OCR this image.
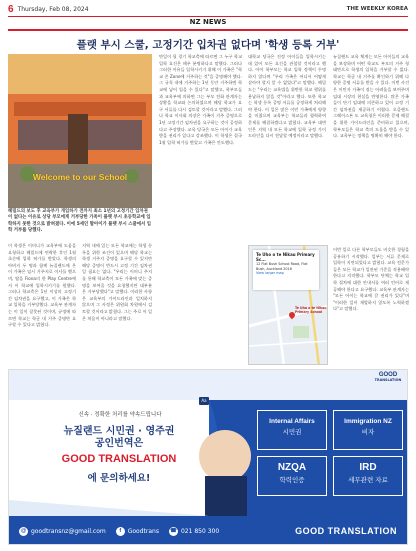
6 Thursday, Feb 08, 2024	THE WEEKLY KOREA
NZ NEWS
플랫 부시 스쿨, 고정기간 입차권 없다며 '학생 등록 거부'
Welcome to our School
헤밀드의 보도 후 교육부가 개입하기 전까지 최소 1년의 고정기간 입차권이 없다는 이유로 상당 부모에게 거부당한 가족이 플랫 부시 초등학교에 입학하지 못한 것으로 밝혀졌다. 이에 5세인 딸아이가 플랫 부시 스쿨에서 입학 거부를 당했다.

이 학생은 이머니가 교육부에 도움을 요청하고 헤밀드에 연락한 후인 1월 초순에 입학 허가를 받았다. 학생의 아버지 두 명과 함께 뉴질랜드에 온 이 가족은 임시 거주지로 이사를 했으며, 딸을 Fiona의 한 Play Centre에서 이 학교에 입학시키기를 원했다. 그러나 학교측은 1년 이상의 고정기간 임차권을 요구했고, 이 가족은 학교 입학을 거부당했다. 교육부 관계자는 이 일이 잘못된 것이며, 규정에 따르면 학교는 학군 내 거주 증명만 요구할 수 있다고 밝혔다.

지역 내에 있는 모든 학교에는 학생 등록을 위한 조건이 있으며 해당 학교는 학생 거주지 증명을 요구할 수 있지만 해당 증명이 반드시 고정 기간 임차권일 필요는 없다. "우리는 이머니 주지를 통해 학교측이 모든 가족에 맞는 증명을 보여줄 것을 요청했지만 대부분은 거부당했다"고 말했다. 이러한 사항은 교육부의 가이드라인과 일치하지 않으며 그 사정은 위원회 차원에서 검토할 것이라고 밝혔다. 그는 주로 이 일은 처음이 아니라고 말했다.

만일이 될 경기 학교측에 따르면 그 누구 학교 입학 요건은 매우 분명하다고 말했다. 그러나 그러한 이유들 입학시키기 위해 이 가족은 "학교 존 Zone에 거주하는 것"을 증명해야 했다. 그 규칙 내에 거주하는 1년 동안 거주하면 학교에 넣어 입을 수 있다"고 말했고, 학부모들과 교육부에 의하면 그는 부모 전화 관계자는 상황을 학교와 논의하였으며 해당 학교가 요구 서류를 다시 검토할 것이라고 말했다. 그러나 학교 이사회 의장은 가족이 거주 증명으로 1년 고정기간 임차권을 요구하는 것이 공정하다고 주장했다. 교육 당국은 모든 아이가 교육 받을 권리가 있다고 강조했다. 이 학생은 결국 1월 입학 허가를 받았고 가족은 안도했다.

대학교 당국은 진정 아이들을 입학시키는 데 있어 모든 요건을 관철할 것이라고 했다. 아이 학부모는 학교 입학 정책이 투명하지 않다며 "우리 가족은 어디서 어떻게 살아야 할지 알 수 없었다"고 말했다. 헤밀드는 "우리는 교육법을 위반한 학교 행위를 용납하지 않을 것"이라고 했다. 또한 학교는 학생 등록 증명 서류를 공정하게 처리해야 한다. 이 일은 많은 이민 가족에게 영향을 미쳤으며 교육부는 학교들과 협력하여 문제를 해결하겠다고 밝혔다. 교육부 대변인은 지역 내 모든 학교에 입학 규정 가이드라인을 다시 전달할 예정이라고 말했다.

뉴질랜드 교육 체계는 모든 아이들의 교육을 보장하며 어떤 학교도 부모의 거주 형태만으로 학생의 입학을 거부할 수 없다. 학교는 학군 내 거주를 확인하기 위해 다양한 증명 서류를 받을 수 있다. 이번 사건은 이민자 가족이 겪는 어려움을 보여주며 임대 시장의 현실을 반영한다. 많은 가족들이 단기 임대에 의존하고 있어 고정 기간 임차권을 제공하기 어렵다. 오클랜드 그레이스톤 도 교육청은 이러한 문제 해결을 위한 가이드라인을 준비하고 있으며, 학부모들은 학교 측의 도움을 받을 수 있다. 교육부는 정책을 명확히 해야 한다.

이번 일로 다른 학부모들도 비슷한 경험을 공유하기 시작했다. 일부는 서류 문제로 입학이 지연되었다고 밝혔다. 교육 전문가들은 모든 학교가 일관된 기준을 적용해야 한다고 지적했다. 학부모 단체는 학교 입학 절차에 대한 안내서를 여러 언어로 제공해야 한다고 요구했다. 교육부 관계자는 "모든 아이는 학교에 갈 권리가 있다"며 "이러한 일이 재발하지 않도록 노력하겠다"고 말했다.

Te Uho o te Nikau Primary Sc...
12 Flat Bush School Road, Flat
Bush, Auckland 2016
View larger map
Te Uho o te Nikau Primary School
Aa
신속 · 정확한 처리를 약속드립니다
뉴질랜드 시민권 · 영주권
공인번역은
GOOD TRANSLATION
에 문의하세요!
GOOD
TRANSLATION
Internal Affairs
시민권
Immigration NZ
비자
NZQA
학력인증
IRD
세무관련 자료
@ goodtransnz@gmail.com	f	Goodtrans ☎ 021 850 300	GOOD TRANSLATION
